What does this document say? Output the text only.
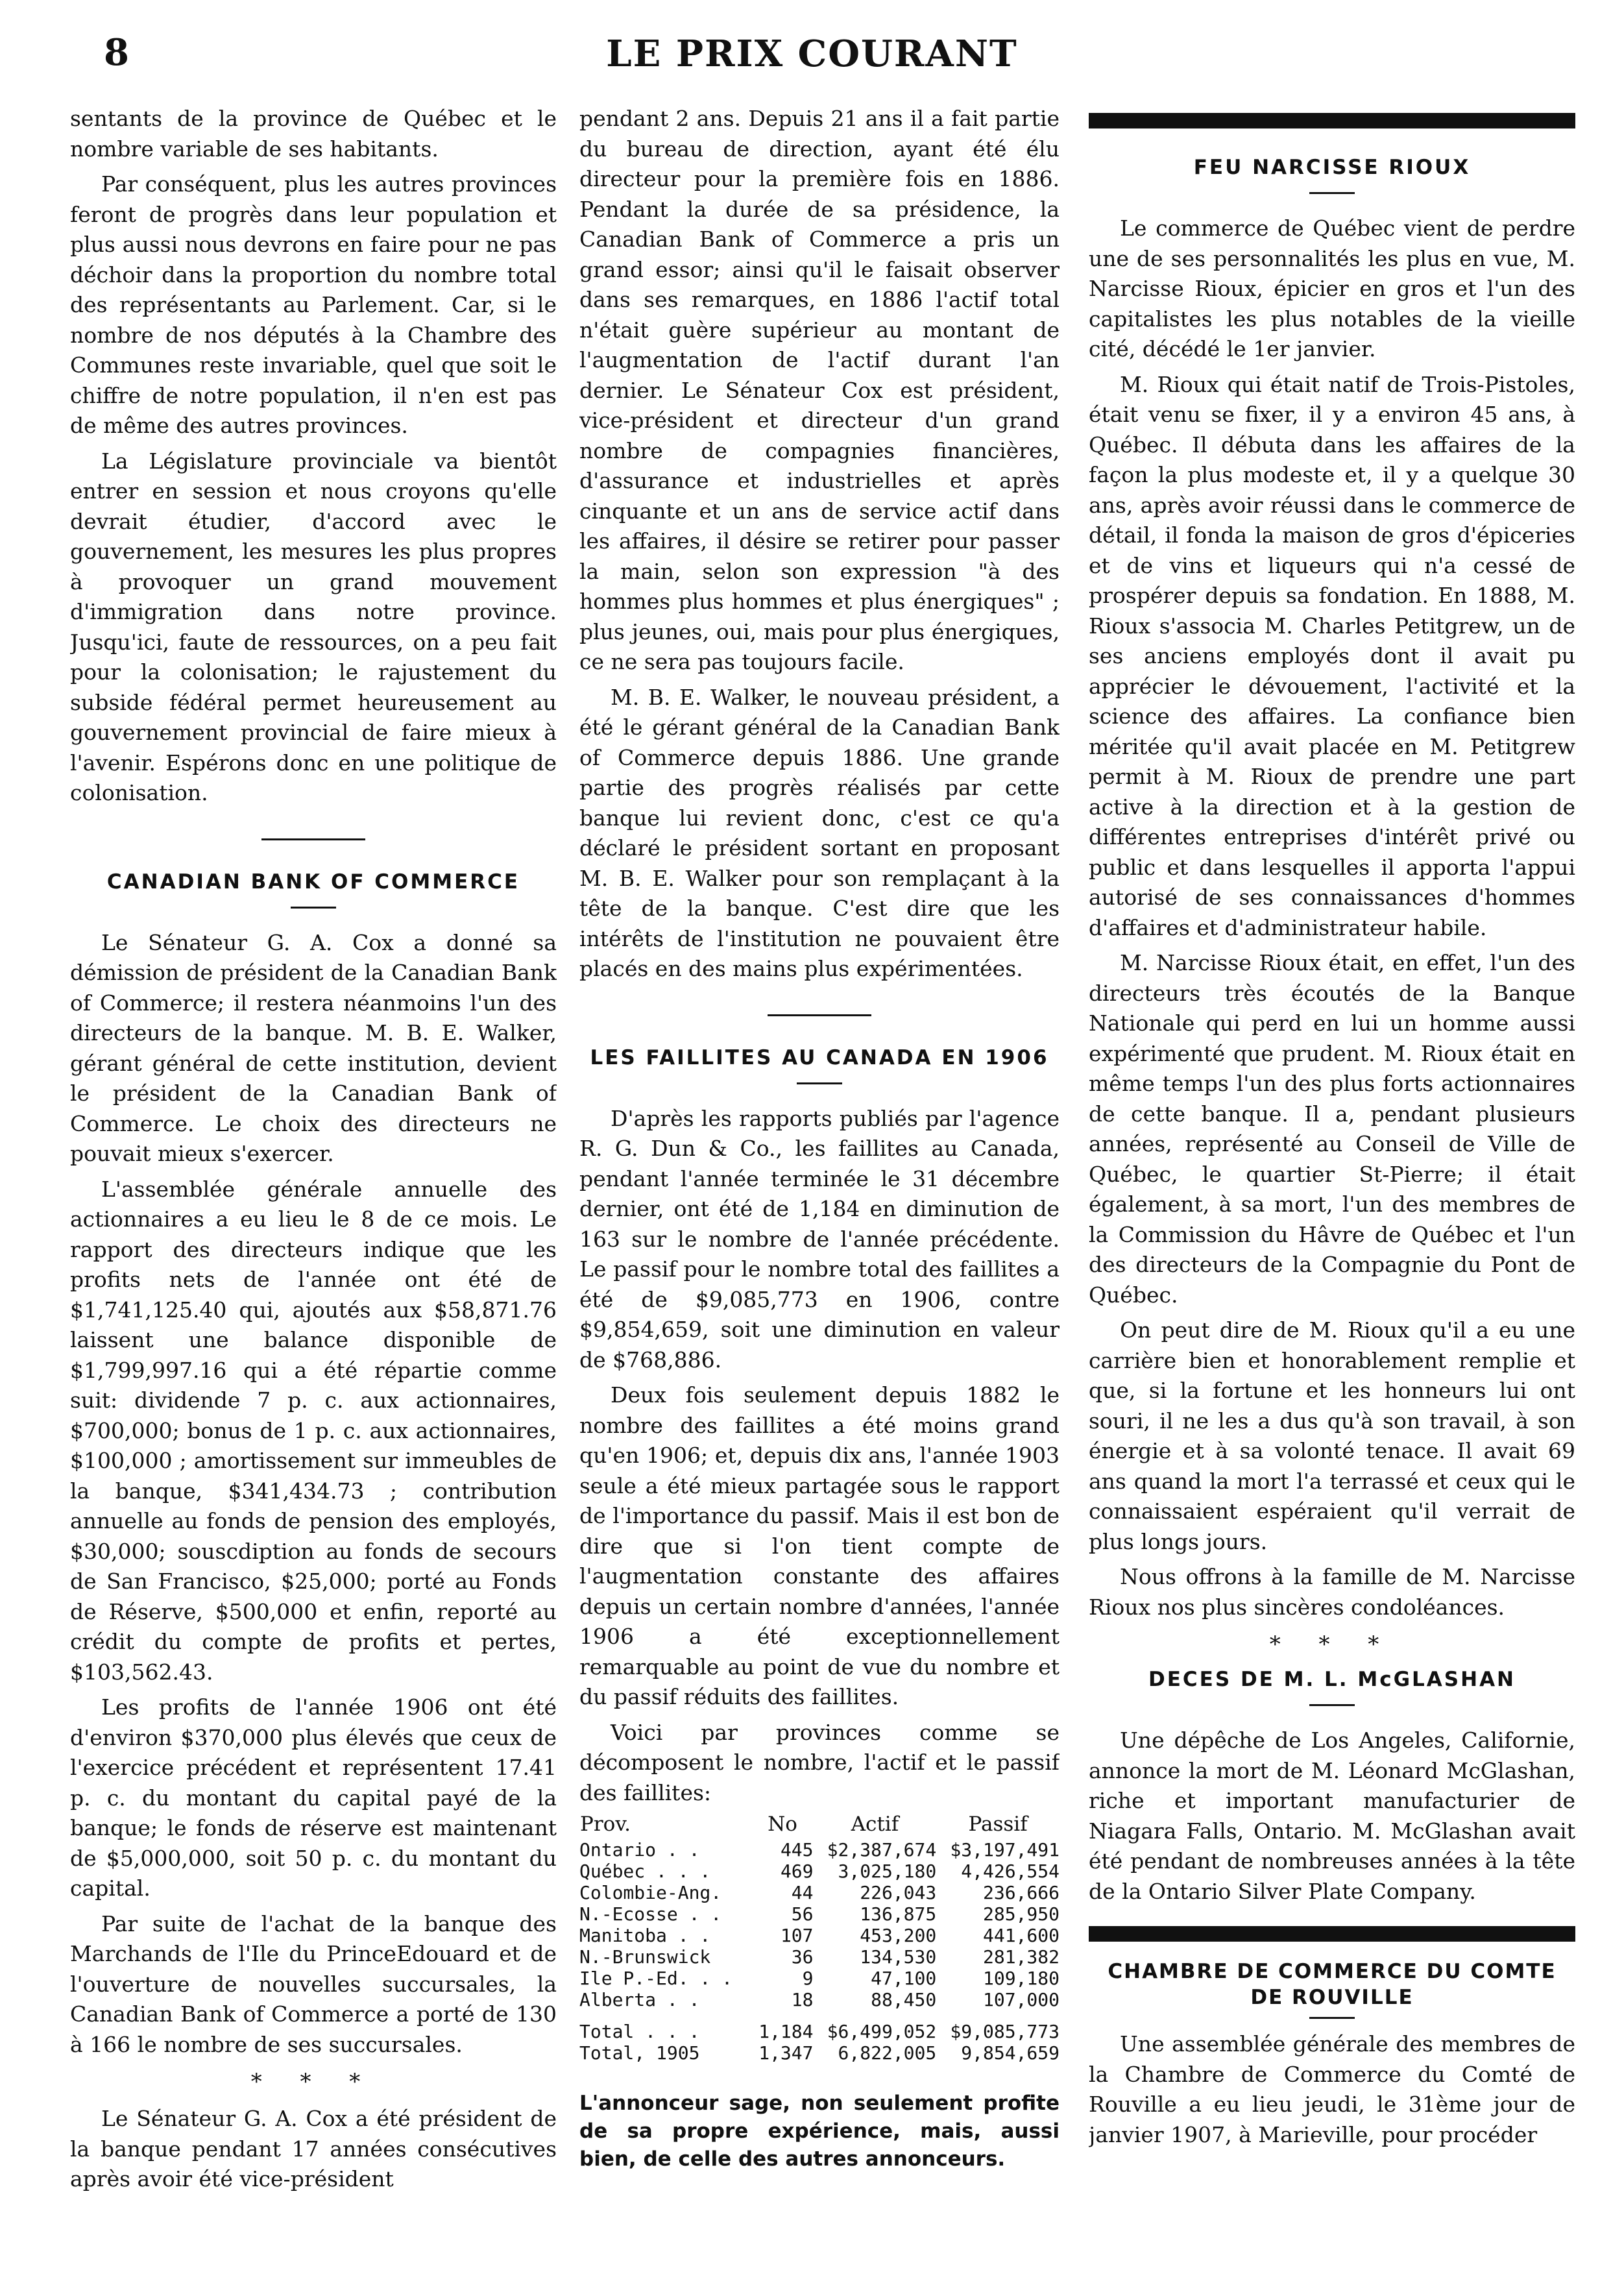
8	LE PRIX COURANT

sentants de la province de Québec et le nombre variable de ses habitants.

Par conséquent, plus les autres provinces feront de progrès dans leur population et plus aussi nous devrons en faire pour ne pas déchoir dans la proportion du nombre total des représentants au Parlement. Car, si le nombre de nos députés à la Chambre des Communes reste invariable, quel que soit le chiffre de notre population, il n'en est pas de même des autres provinces.

La Législature provinciale va bientôt entrer en session et nous croyons qu'elle devrait étudier, d'accord avec le gouvernement, les mesures les plus propres à provoquer un grand mouvement d'immigration dans notre province. Jusqu'ici, faute de ressources, on a peu fait pour la colonisation; le rajustement du subside fédéral permet heureusement au gouvernement provincial de faire mieux à l'avenir. Espérons donc en une politique de colonisation.

CANADIAN BANK OF COMMERCE

Le Sénateur G. A. Cox a donné sa démission de président de la Canadian Bank of Commerce; il restera néanmoins l'un des directeurs de la banque. M. B. E. Walker, gérant général de cette institution, devient le président de la Canadian Bank of Commerce. Le choix des directeurs ne pouvait mieux s'exercer.

L'assemblée générale annuelle des actionnaires a eu lieu le 8 de ce mois. Le rapport des directeurs indique que les profits nets de l'année ont été de $1,741,125.40 qui, ajoutés aux $58,871.76 laissent une balance disponible de $1,799,997.16 qui a été répartie comme suit: dividende 7 p. c. aux actionnaires, $700,000; bonus de 1 p. c. aux actionnaires, $100,000 ; amortissement sur immeubles de la banque, $341,434.73 ; contribution annuelle au fonds de pension des employés, $30,000; souscdiption au fonds de secours de San Francisco, $25,000; porté au Fonds de Réserve, $500,000 et enfin, reporté au crédit du compte de profits et pertes, $103,562.43.

Les profits de l'année 1906 ont été d'environ $370,000 plus élevés que ceux de l'exercice précédent et représentent 17.41 p. c. du montant du capital payé de la banque; le fonds de réserve est maintenant de $5,000,000, soit 50 p. c. du montant du capital.

Par suite de l'achat de la banque des Marchands de l'Ile du PrinceEdouard et de l'ouverture de nouvelles succursales, la Canadian Bank of Commerce a porté de 130 à 166 le nombre de ses succursales.

* * *

Le Sénateur G. A. Cox a été président de la banque pendant 17 années consécutives après avoir été vice-président

pendant 2 ans. Depuis 21 ans il a fait partie du bureau de direction, ayant été élu directeur pour la première fois en 1886. Pendant la durée de sa présidence, la Canadian Bank of Commerce a pris un grand essor; ainsi qu'il le faisait observer dans ses remarques, en 1886 l'actif total n'était guère supérieur au montant de l'augmentation de l'actif durant l'an dernier. Le Sénateur Cox est président, vice-président et directeur d'un grand nombre de compagnies financières, d'assurance et industrielles et après cinquante et un ans de service actif dans les affaires, il désire se retirer pour passer la main, selon son expression "à des hommes plus hommes et plus énergiques" ; plus jeunes, oui, mais pour plus énergiques, ce ne sera pas toujours facile.

M. B. E. Walker, le nouveau président, a été le gérant général de la Canadian Bank of Commerce depuis 1886. Une grande partie des progrès réalisés par cette banque lui revient donc, c'est ce qu'a déclaré le président sortant en proposant M. B. E. Walker pour son remplaçant à la tête de la banque. C'est dire que les intérêts de l'institution ne pouvaient être placés en des mains plus expérimentées.

LES FAILLITES AU CANADA EN 1906

D'après les rapports publiés par l'agence R. G. Dun & Co., les faillites au Canada, pendant l'année terminée le 31 décembre dernier, ont été de 1,184 en diminution de 163 sur le nombre de l'année précédente. Le passif pour le nombre total des faillites a été de $9,085,773 en 1906, contre $9,854,659, soit une diminution en valeur de $768,886.

Deux fois seulement depuis 1882 le nombre des faillites a été moins grand qu'en 1906; et, depuis dix ans, l'année 1903 seule a été mieux partagée sous le rapport de l'importance du passif. Mais il est bon de dire que si l'on tient compte de l'augmentation constante des affaires depuis un certain nombre d'années, l'année 1906 a été exceptionnellement remarquable au point de vue du nombre et du passif réduits des faillites.

Voici par provinces comme se décomposent le nombre, l'actif et le passif des faillites:

Prov.	No	Actif	Passif
Ontario . .	445	$2,387,674	$3,197,491
Québec . . .	469	3,025,180	4,426,554
Colombie-Ang.	44	226,043	236,666
N.-Ecosse . .	56	136,875	285,950
Manitoba . .	107	453,200	441,600
N.-Brunswick	36	134,530	281,382
Ile P.-Ed. . .	9	47,100	109,180
Alberta . .	18	88,450	107,000
Total . . .	1,184	$6,499,052	$9,085,773
Total, 1905	1,347	6,822,005	9,854,659
L'annonceur sage, non seulement profite de sa propre expérience, mais, aussi bien, de celle des autres annonceurs.
FEU NARCISSE RIOUX

Le commerce de Québec vient de perdre une de ses personnalités les plus en vue, M. Narcisse Rioux, épicier en gros et l'un des capitalistes les plus notables de la vieille cité, décédé le 1er janvier.

M. Rioux qui était natif de Trois-Pistoles, était venu se fixer, il y a environ 45 ans, à Québec. Il débuta dans les affaires de la façon la plus modeste et, il y a quelque 30 ans, après avoir réussi dans le commerce de détail, il fonda la maison de gros d'épiceries et de vins et liqueurs qui n'a cessé de prospérer depuis sa fondation. En 1888, M. Rioux s'associa M. Charles Petitgrew, un de ses anciens employés dont il avait pu apprécier le dévouement, l'activité et la science des affaires. La confiance bien méritée qu'il avait placée en M. Petitgrew permit à M. Rioux de prendre une part active à la direction et à la gestion de différentes entreprises d'intérêt privé ou public et dans lesquelles il apporta l'appui autorisé de ses connaissances d'hommes d'affaires et d'administrateur habile.

M. Narcisse Rioux était, en effet, l'un des directeurs très écoutés de la Banque Nationale qui perd en lui un homme aussi expérimenté que prudent. M. Rioux était en même temps l'un des plus forts actionnaires de cette banque. Il a, pendant plusieurs années, représenté au Conseil de Ville de Québec, le quartier St-Pierre; il était également, à sa mort, l'un des membres de la Commission du Hâvre de Québec et l'un des directeurs de la Compagnie du Pont de Québec.

On peut dire de M. Rioux qu'il a eu une carrière bien et honorablement remplie et que, si la fortune et les honneurs lui ont souri, il ne les a dus qu'à son travail, à son énergie et à sa volonté tenace. Il avait 69 ans quand la mort l'a terrassé et ceux qui le connaissaient espéraient qu'il verrait de plus longs jours.

Nous offrons à la famille de M. Narcisse Rioux nos plus sincères condoléances.

* * *
DECES DE M. L. McGLASHAN

Une dépêche de Los Angeles, Californie, annonce la mort de M. Léonard McGlashan, riche et important manufacturier de Niagara Falls, Ontario. M. McGlashan avait été pendant de nombreuses années à la tête de la Ontario Silver Plate Company.

CHAMBRE DE COMMERCE DU COMTE DE ROUVILLE

Une assemblée générale des membres de la Chambre de Commerce du Comté de Rouville a eu lieu jeudi, le 31ème jour de janvier 1907, à Marieville, pour procéder
